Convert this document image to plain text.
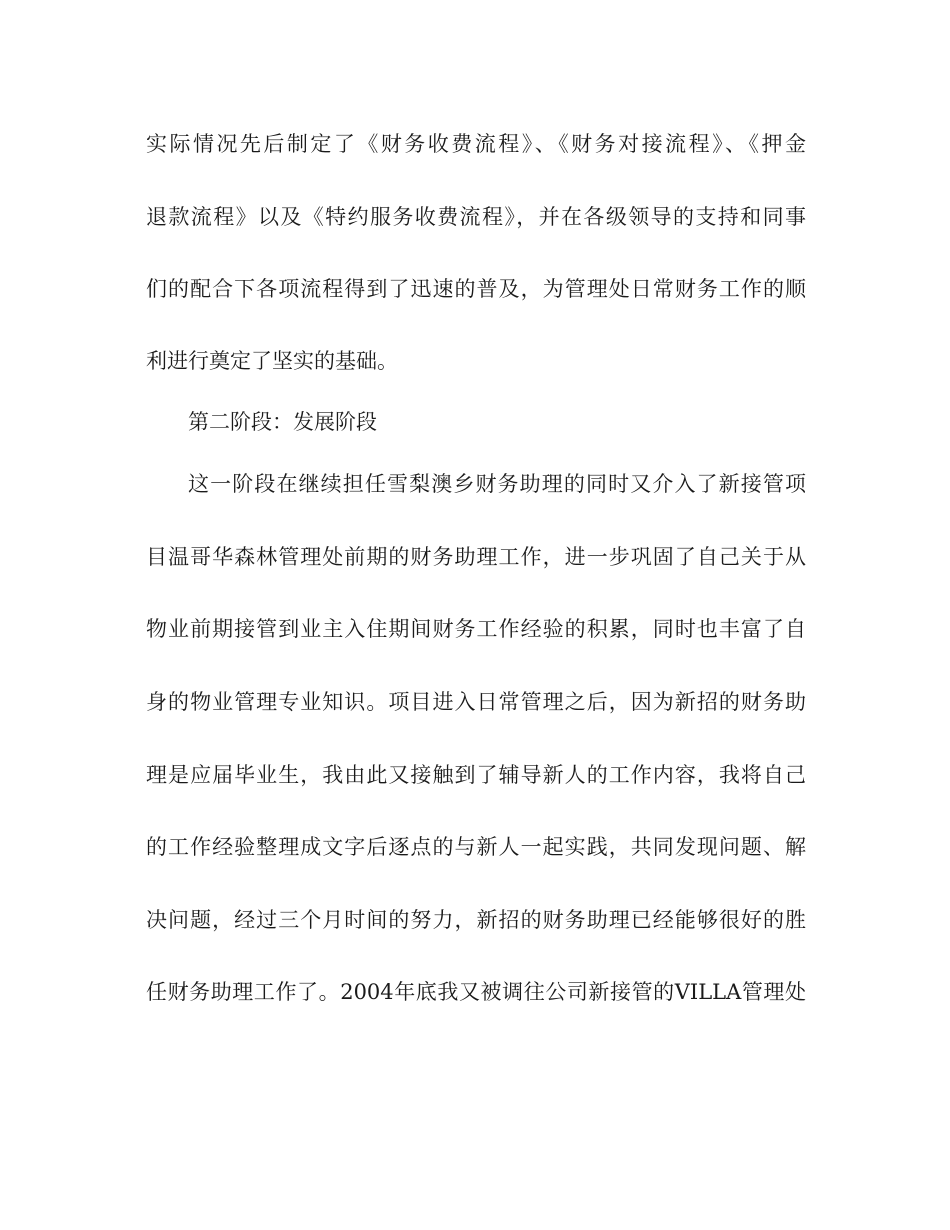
实际情况先后制定了《财务收费流程》、《财务对接流程》、《押金
退款流程》以及《特约服务收费流程》，并在各级领导的支持和同事
们的配合下各项流程得到了迅速的普及，为管理处日常财务工作的顺
利进行奠定了坚实的基础。
第二阶段：发展阶段
这一阶段在继续担任雪梨澳乡财务助理的同时又介入了新接管项
目温哥华森林管理处前期的财务助理工作，进一步巩固了自己关于从
物业前期接管到业主入住期间财务工作经验的积累，同时也丰富了自
身的物业管理专业知识。项目进入日常管理之后，因为新招的财务助
理是应届毕业生，我由此又接触到了辅导新人的工作内容，我将自己
的工作经验整理成文字后逐点的与新人一起实践，共同发现问题、解
决问题，经过三个月时间的努力，新招的财务助理已经能够很好的胜
任财务助理工作了。2004年底我又被调往公司新接管的VILLA管理处
